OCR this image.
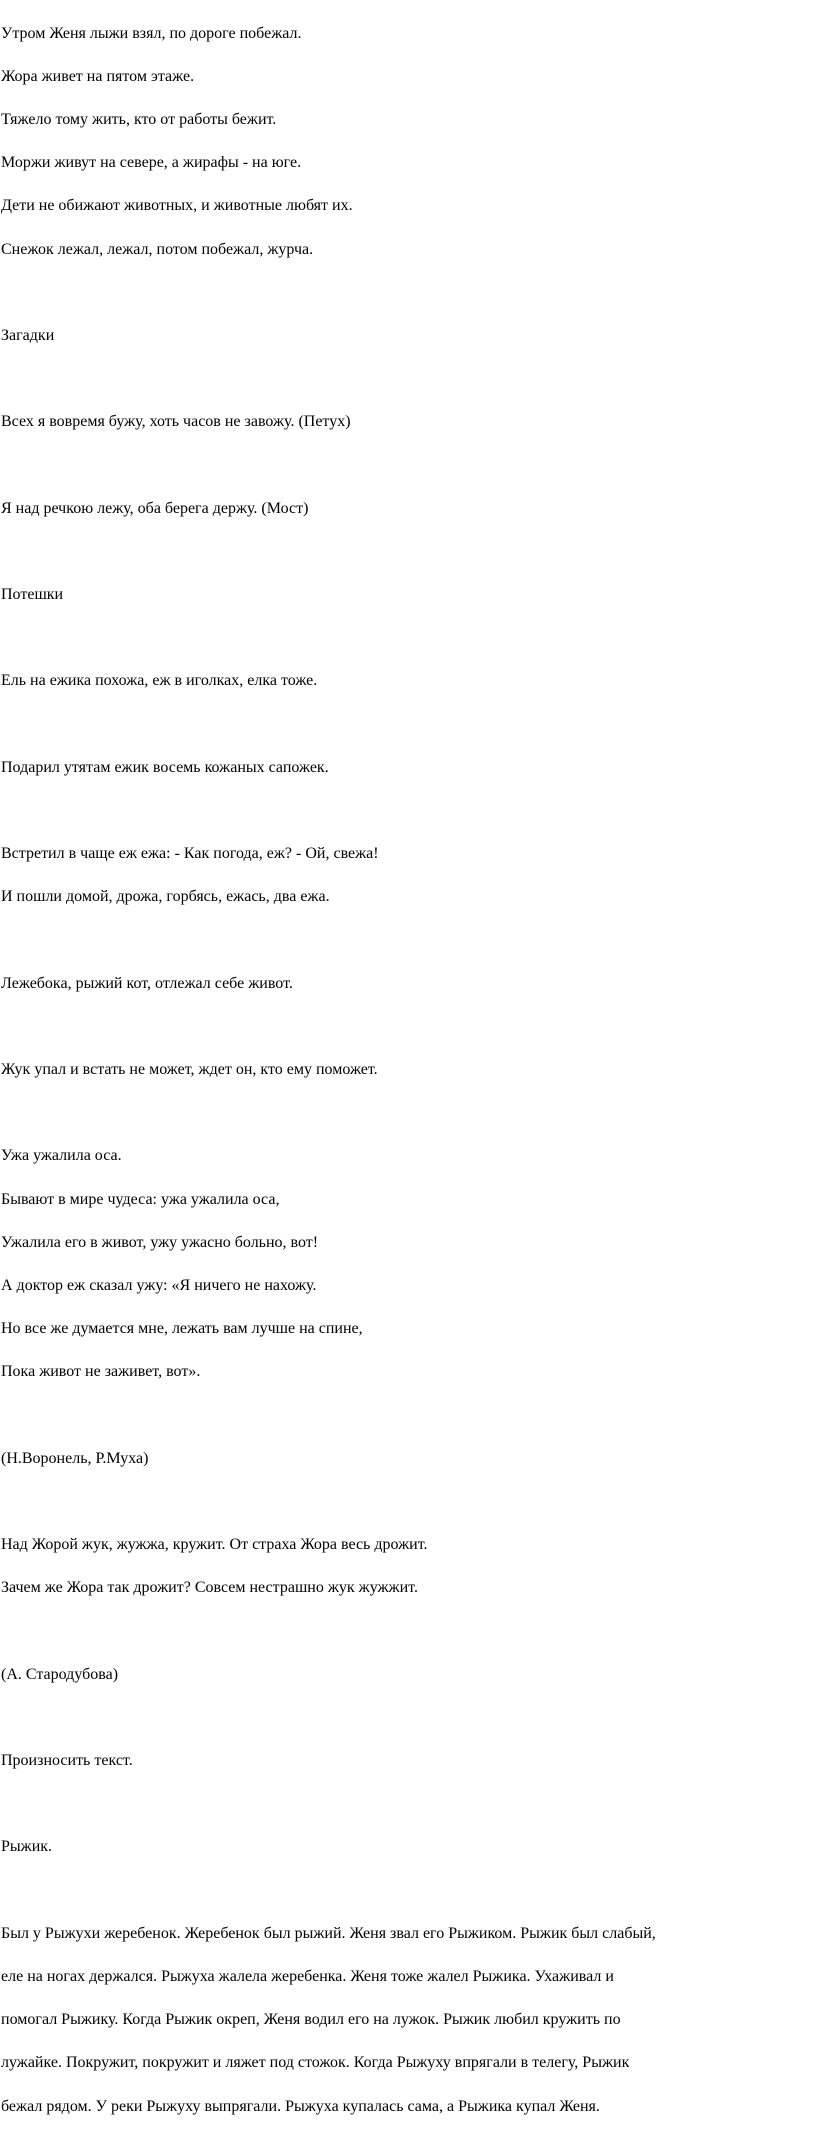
Утром Женя лыжи взял, по дороге побежал.

Жора живет на пятом этаже.

Тяжело тому жить, кто от работы бежит.

Моржи живут на севере, а жирафы - на юге.

Дети не обижают животных, и животные любят их.

Снежок лежал, лежал, потом побежал, журча.

Загадки

Всех я вовремя бужу, хоть часов не завожу. (Петух)

Я над речкою лежу, оба берега держу. (Мост)

Потешки

Ель на ежика похожа, еж в иголках, елка тоже.

Подарил утятам ежик восемь кожаных сапожек.

Встретил в чаще еж ежа: - Как погода, еж? - Ой, свежа!

И пошли домой, дрожа, горбясь, ежась, два ежа.

Лежебока, рыжий кот, отлежал себе живот.

Жук упал и встать не может, ждет он, кто ему поможет.

Ужа ужалила оса.

Бывают в мире чудеса: ужа ужалила оса,

Ужалила его в живот, ужу ужасно больно, вот!

А доктор еж сказал ужу: «Я ничего не нахожу.

Но все же думается мне, лежать вам лучше на спине,

Пока живот не заживет, вот».

(Н.Воронель, Р.Муха)

Над Жорой жук, жужжа, кружит. От страха Жора весь дрожит.

Зачем же Жора так дрожит? Совсем нестрашно жук жужжит.

(А. Стародубова)

Произносить текст.

Рыжик.

Был у Рыжухи жеребенок. Жеребенок был рыжий. Женя звал его Рыжиком. Рыжик был слабый,

еле на ногах держался. Рыжуха жалела жеребенка. Женя тоже жалел Рыжика. Ухаживал и

помогал Рыжику. Когда Рыжик окреп, Женя водил его на лужок. Рыжик любил кружить по

лужайке. Покружит, покружит и ляжет под стожок. Когда Рыжуху впрягали в телегу, Рыжик

бежал рядом. У реки Рыжуху выпрягали. Рыжуха купалась сама, а Рыжика купал Женя.
